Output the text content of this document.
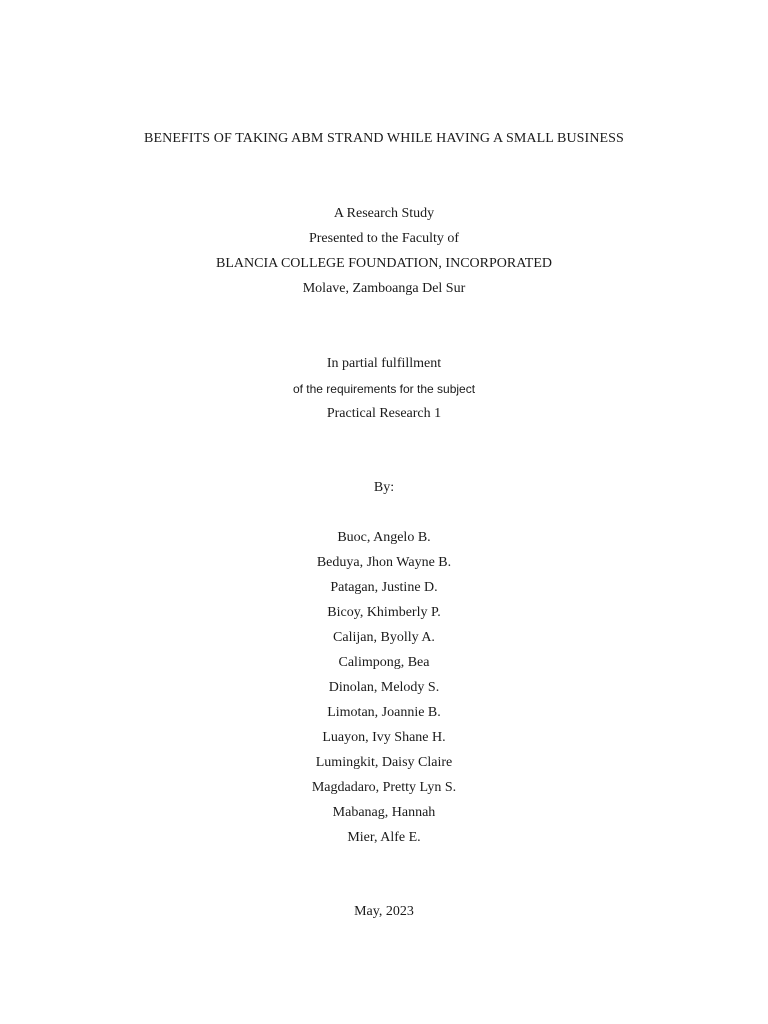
BENEFITS OF TAKING ABM STRAND WHILE HAVING A SMALL BUSINESS
A Research Study
Presented to the Faculty of
BLANCIA COLLEGE FOUNDATION, INCORPORATED
Molave, Zamboanga Del Sur
In partial fulfillment
of the requirements for the subject
Practical Research 1
By:
Buoc, Angelo B.
Beduya, Jhon Wayne B.
Patagan, Justine D.
Bicoy, Khimberly P.
Calijan, Byolly A.
Calimpong, Bea
Dinolan, Melody S.
Limotan, Joannie B.
Luayon, Ivy Shane H.
Lumingkit, Daisy Claire
Magdadaro, Pretty Lyn S.
Mabanag, Hannah
Mier, Alfe E.
May, 2023
